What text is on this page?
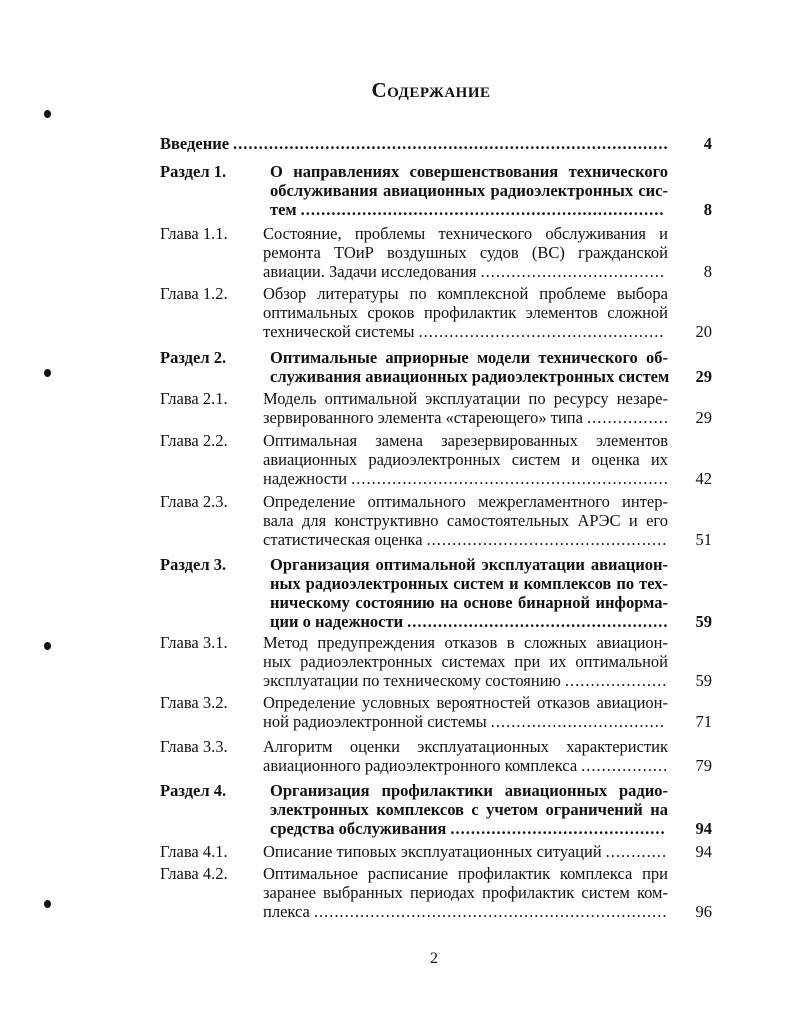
Содержание
Введение .....................................................................................	4
Раздел 1.	О направлениях совершенствования технического
обслуживания авиационных радиоэлектронных сис-
тем .......................................................................	8
Глава 1.1.	Состояние, проблемы технического обслуживания и
ремонта ТОиР воздушных судов (ВС) гражданской
авиации. Задачи исследования ....................................	8
Глава 1.2.	Обзор литературы по комплексной проблеме выбора
оптимальных сроков профилактик элементов сложной
технической системы ................................................	20
Раздел 2.	Оптимальные априорные модели технического об-
служивания авиационных радиоэлектронных систем	29
Глава 2.1.	Модель оптимальной эксплуатации по ресурсу незаре-
зервированного элемента «стареющего» типа ................	29
Глава 2.2.	Оптимальная замена зарезервированных элементов
авиационных радиоэлектронных систем и оценка их
надежности ..............................................................	42
Глава 2.3.	Определение оптимального межрегламентного интер-
вала для конструктивно самостоятельных АРЭС и его
статистическая оценка ...............................................	51
Раздел 3.	Организация оптимальной эксплуатации авиацион-
ных радиоэлектронных систем и комплексов по тех-
ническому состоянию на основе бинарной информа-
ции о надежности ...................................................	59
Глава 3.1.	Метод предупреждения отказов в сложных авиацион-
ных радиоэлектронных системах при их оптимальной
эксплуатации по техническому состоянию ....................	59
Глава 3.2.	Определение условных вероятностей отказов авиацион-
ной радиоэлектронной системы ..................................	71
Глава 3.3.	Алгоритм оценки эксплуатационных характеристик
авиационного радиоэлектронного комплекса .................	79
Раздел 4.	Организация профилактики авиационных радио-
электронных комплексов с учетом ограничений на
средства обслуживания ..........................................	94
Глава 4.1.	Описание типовых эксплуатационных ситуаций ............	94
Глава 4.2.	Оптимальное расписание профилактик комплекса при
заранее выбранных периодах профилактик систем ком-
плекса .....................................................................	96
2
